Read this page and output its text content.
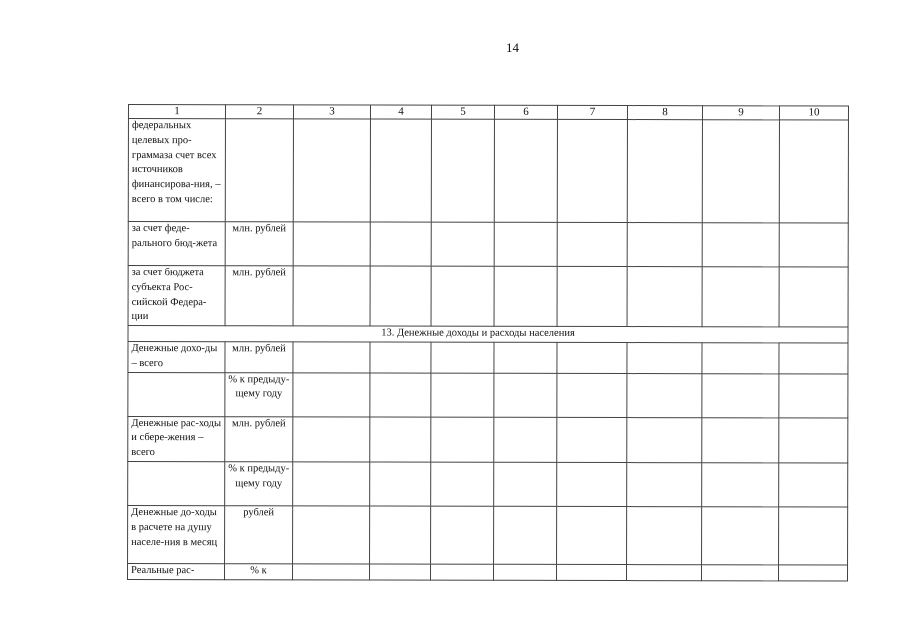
14
1	2	3	4	5	6	7	8	9	10
федеральных целевых про-граммаза счет всех источников финансирова-ния, – всего в том числе:									
за счет феде-рального бюд-жета	млн. рублей								
за счет бюджета субъекта Рос-сийской Федера-ции	млн. рублей								
13. Денежные доходы и расходы населения									
Денежные дохо-ды – всего	млн. рублей								
	% к предыду-щему году								
Денежные рас-ходы и сбере-жения – всего	млн. рублей								
	% к предыду-щему году								
Денежные до-ходы в расчете на душу населе-ния в месяц	рублей								
Реальные рас-	% к								
